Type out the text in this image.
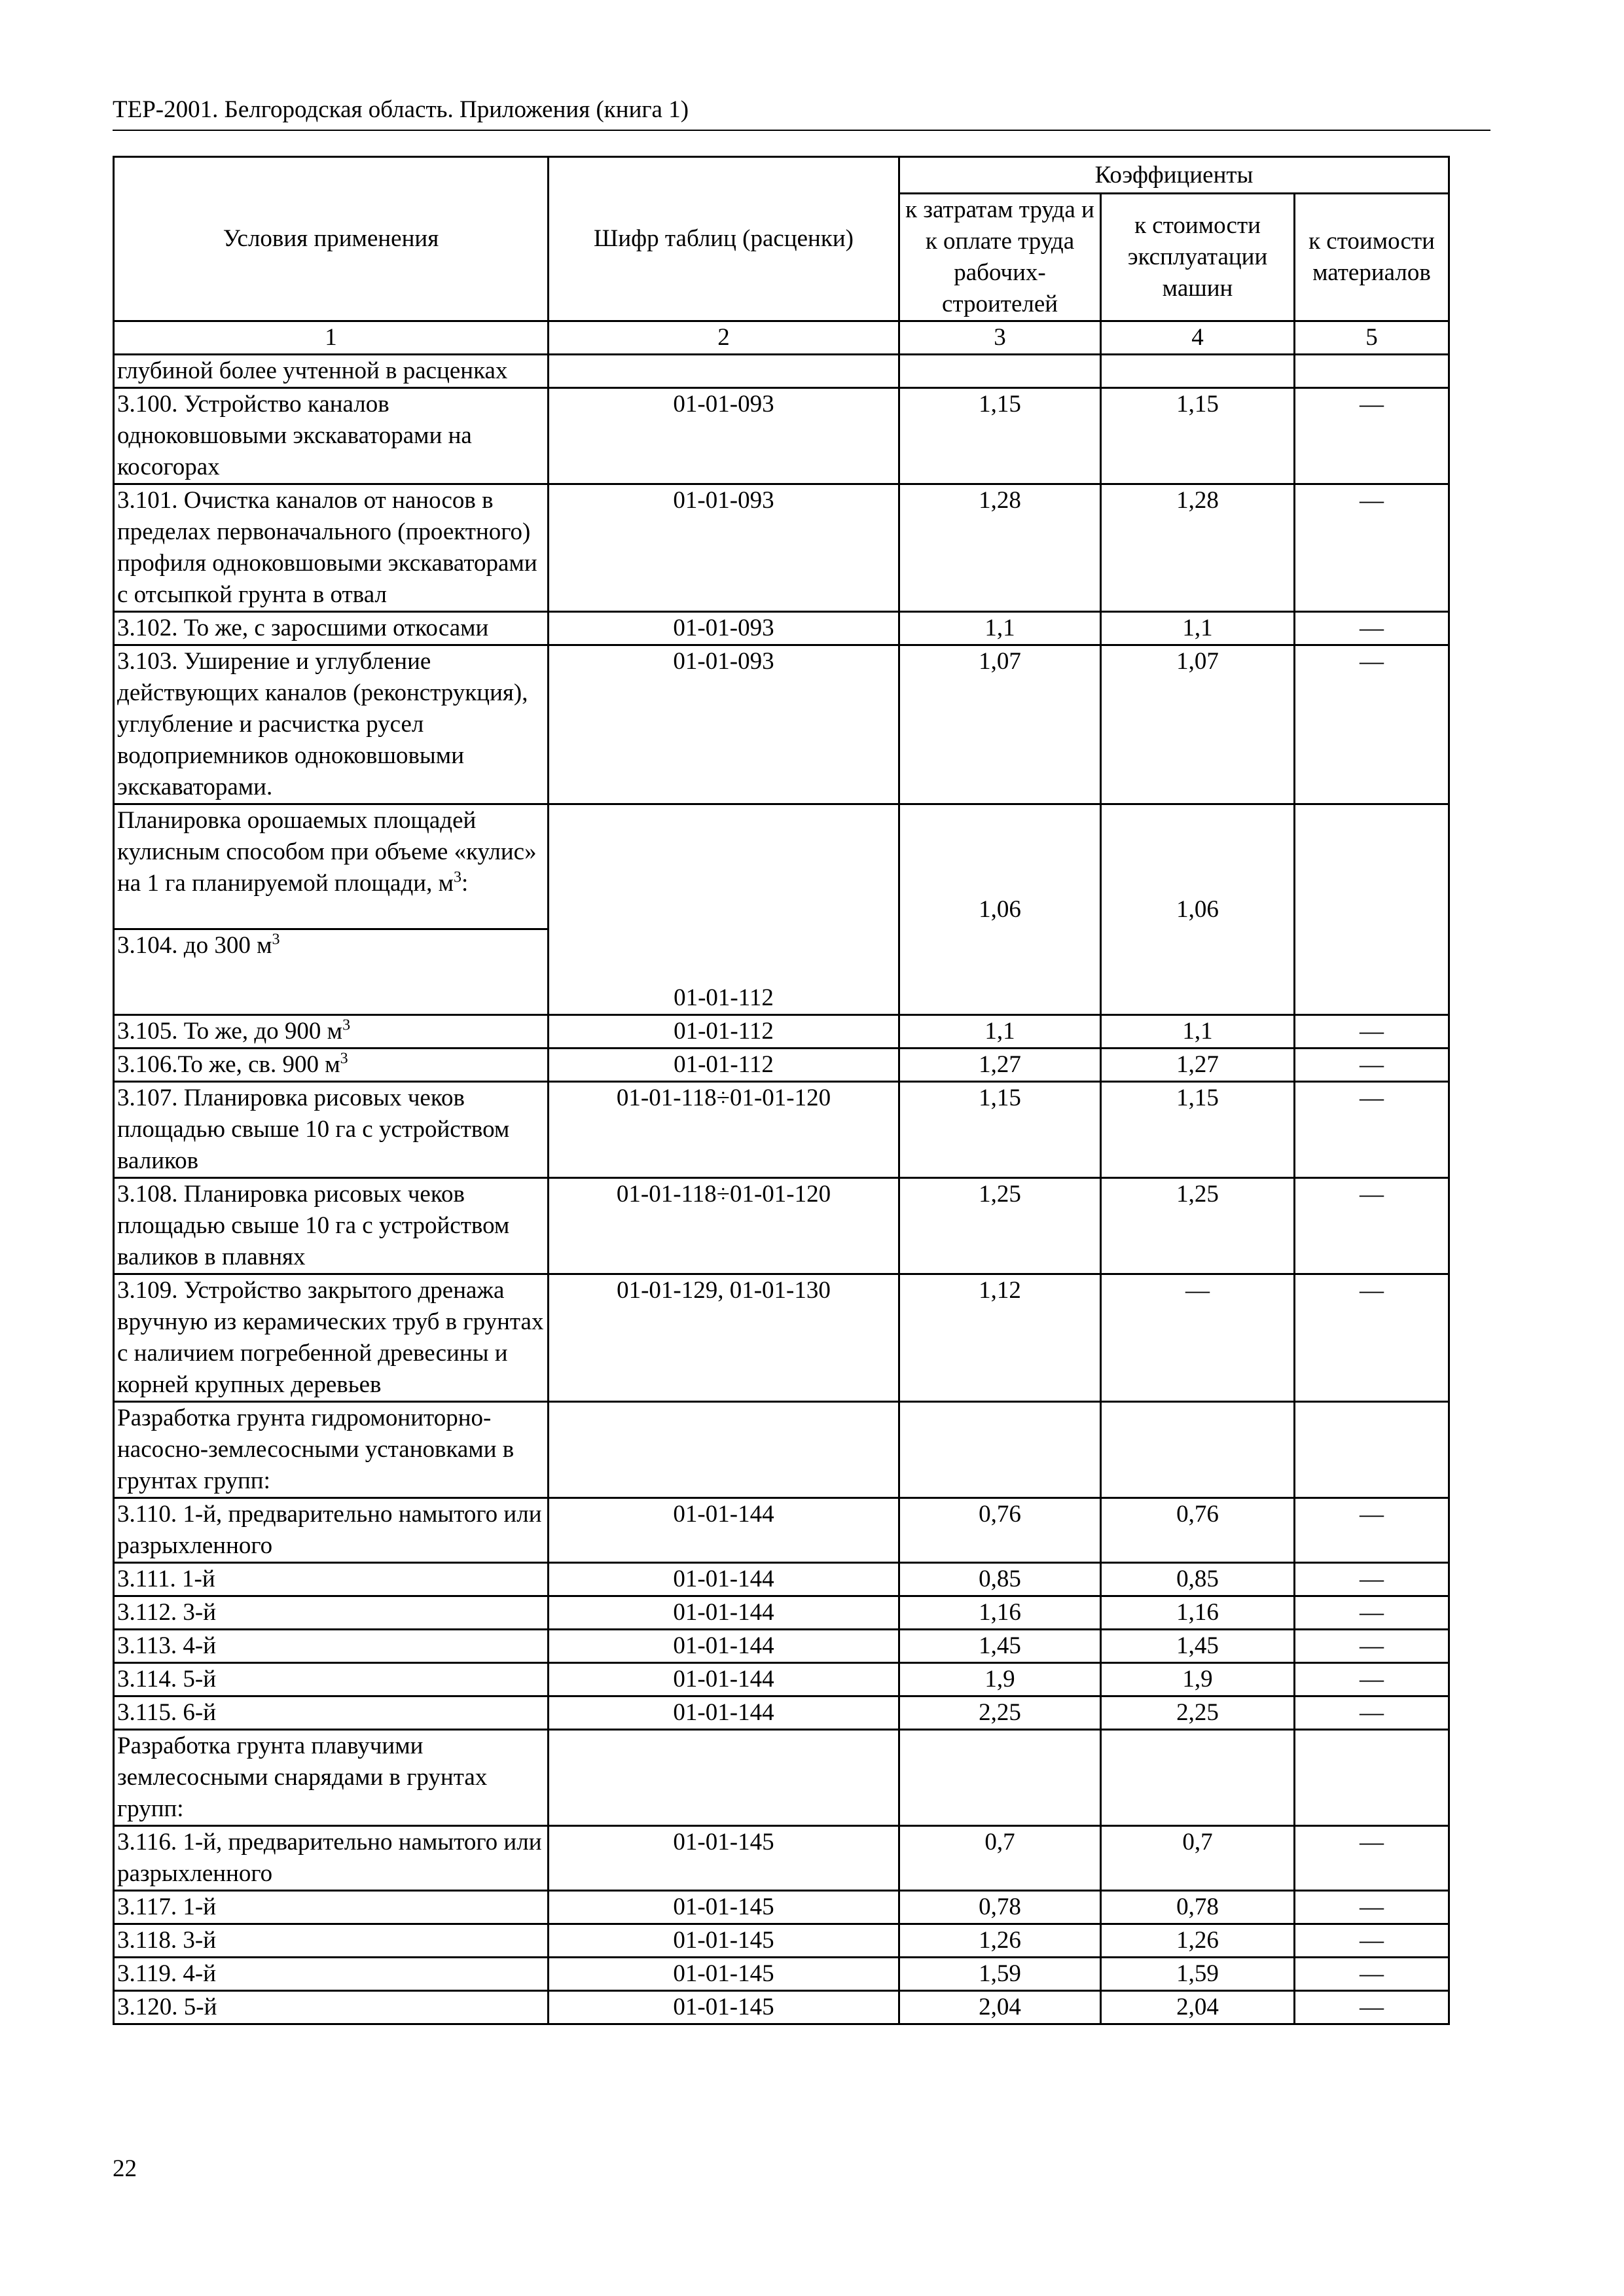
ТЕР-2001. Белгородская область. Приложения (книга 1)
Условия применения	Шифр таблиц (расценки)	Коэффициенты		
		к затратам труда и к оплате труда рабочих-строителей	к стоимости эксплуатации машин	к стоимости материалов
1	2	3	4	5
глубиной более учтенной в расценках				
3.100. Устройство каналов одноковшовыми экскаваторами на косогорах	01-01-093	1,15	1,15	—
3.101. Очистка каналов от наносов в пределах первоначального (проектного) профиля одноковшовыми экскаваторами с отсыпкой грунта в отвал	01-01-093	1,28	1,28	—
3.102. То же, с заросшими откосами	01-01-093	1,1	1,1	—
3.103. Уширение и углубление действующих каналов (реконструкция), углубление и расчистка русел водоприемников одноковшовыми экскаваторами.	01-01-093	1,07	1,07	—
Планировка орошаемых площадей кулисным способом при объеме «кулис» на 1 га планируемой площади, $м^3$:	01-01-112	1,06	1,06	
3.104. до 300 $м^3$
3.105. То же, до 900 $м^3$	01-01-112	1,1	1,1	—
3.106.То же, св. 900 $м^3$	01-01-112	1,27	1,27	—
3.107. Планировка рисовых чеков площадью свыше 10 га с устройством валиков	01-01-118÷01-01-120	1,15	1,15	—
3.108. Планировка рисовых чеков площадью свыше 10 га с устройством валиков в плавнях	01-01-118÷01-01-120	1,25	1,25	—
3.109. Устройство закрытого дренажа вручную из керамических труб в грунтах с наличием погребенной древесины и корней крупных деревьев	01-01-129, 01-01-130	1,12	—	—
Разработка грунта гидромониторно-насосно-землесосными установками в грунтах групп:				
3.110. 1-й, предварительно намытого или разрыхленного	01-01-144	0,76	0,76	—
3.111. 1-й	01-01-144	0,85	0,85	—
3.112. 3-й	01-01-144	1,16	1,16	—
3.113. 4-й	01-01-144	1,45	1,45	—
3.114. 5-й	01-01-144	1,9	1,9	—
3.115. 6-й	01-01-144	2,25	2,25	—
Разработка грунта плавучими землесосными снарядами в грунтах групп:				
3.116. 1-й, предварительно намытого или разрыхленного	01-01-145	0,7	0,7	—
3.117. 1-й	01-01-145	0,78	0,78	—
3.118. 3-й	01-01-145	1,26	1,26	—
3.119. 4-й	01-01-145	1,59	1,59	—
3.120. 5-й	01-01-145	2,04	2,04	—
22
